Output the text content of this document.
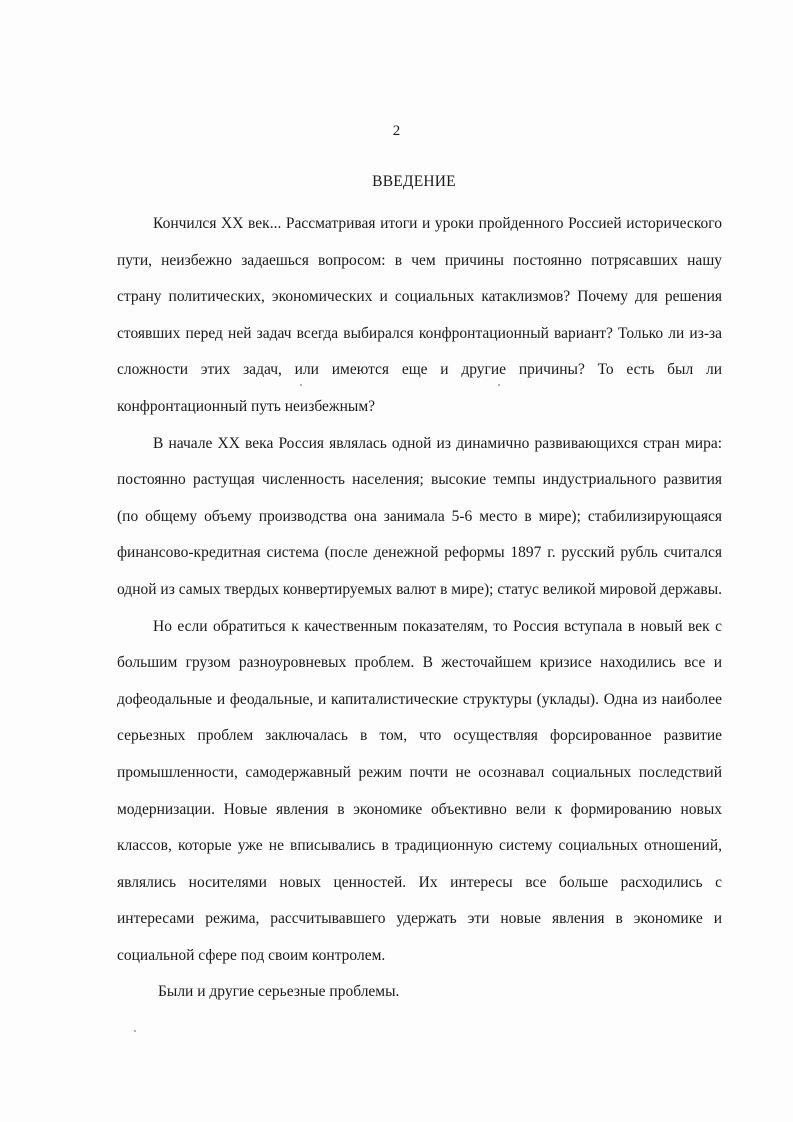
2
ВВЕДЕНИЕ

Кончился XX век... Рассматривая итоги и уроки пройденного Россией исторического пути, неизбежно задаешься вопросом: в чем причины постоянно потрясавших нашу страну политических, экономических и социальных катаклизмов? Почему для решения стоявших перед ней задач всегда выбирался конфронтационный вариант? Только ли из-за сложности этих задач, или имеются еще и другие причины? То есть был ли конфронтационный путь неизбежным?

В начале XX века Россия являлась одной из динамично развивающихся стран мира: постоянно растущая численность населения; высокие темпы индустриального развития (по общему объему производства она занимала 5-6 место в мире); стабилизирующаяся финансово-кредитная система (после денежной реформы 1897 г. русский рубль считался одной из самых твердых конвертируемых валют в мире); статус великой мировой державы.

Но если обратиться к качественным показателям, то Россия вступала в новый век с большим грузом разноуровневых проблем. В жесточайшем кризисе находились все и дофеодальные и феодальные, и капиталистические структуры (уклады). Одна из наиболее серьезных проблем заключалась в том, что осуществляя форсированное развитие промышленности, самодержавный режим почти не осознавал социальных последствий модернизации. Новые явления в экономике объективно вели к формированию новых классов, которые уже не вписывались в традиционную систему социальных отношений, являлись носителями новых ценностей. Их интересы все больше расходились с интересами режима, рассчитывавшего удержать эти новые явления в экономике и социальной сфере под своим контролем.

Были и другие серьезные проблемы.
